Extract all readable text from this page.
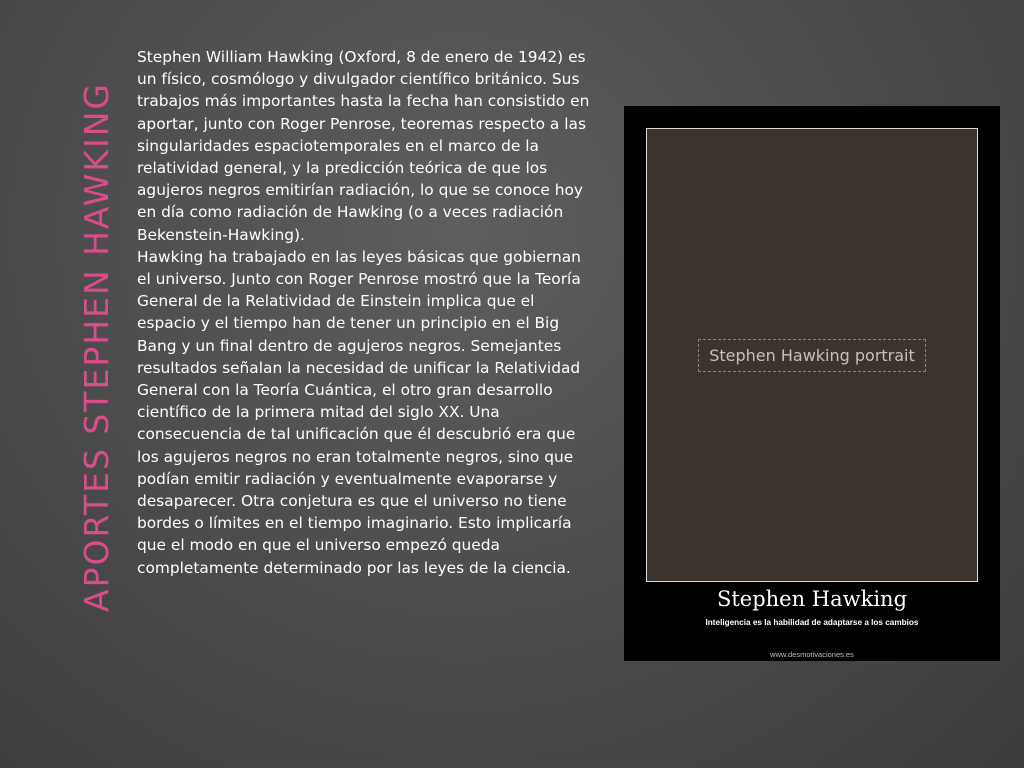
APORTES STEPHEN HAWKING

Stephen William Hawking (Oxford, 8 de enero de 1942) es un físico, cosmólogo y divulgador científico británico. Sus trabajos más importantes hasta la fecha han consistido en aportar, junto con Roger Penrose, teoremas respecto a las singularidades espaciotemporales en el marco de la relatividad general, y la predicción teórica de que los agujeros negros emitirían radiación, lo que se conoce hoy en día como radiación de Hawking (o a veces radiación Bekenstein-Hawking).

Hawking ha trabajado en las leyes básicas que gobiernan el universo. Junto con Roger Penrose mostró que la Teoría General de la Relatividad de Einstein implica que el espacio y el tiempo han de tener un principio en el Big Bang y un final dentro de agujeros negros. Semejantes resultados señalan la necesidad de unificar la Relatividad General con la Teoría Cuántica, el otro gran desarrollo científico de la primera mitad del siglo XX. Una consecuencia de tal unificación que él descubrió era que los agujeros negros no eran totalmente negros, sino que podían emitir radiación y eventualmente evaporarse y desaparecer. Otra conjetura es que el universo no tiene bordes o límites en el tiempo imaginario. Esto implicaría que el modo en que el universo empezó queda completamente determinado por las leyes de la ciencia.

Stephen Hawking portrait
Stephen Hawking
Inteligencia es la habilidad de adaptarse a los cambios
www.desmotivaciones.es
